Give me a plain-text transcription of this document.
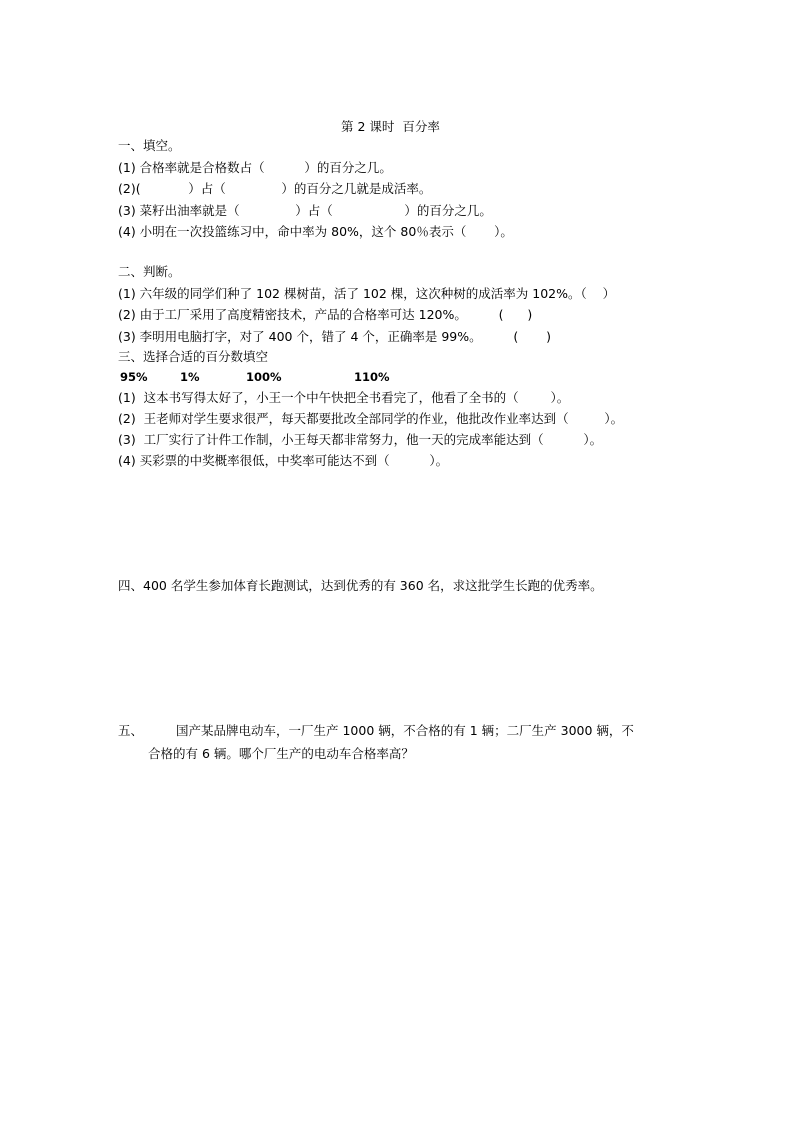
第 2 课时  百分率
一、填空。
(1) 合格率就是合格数占（          ）的百分之几。
(2)(            ）占（              ）的百分之几就是成活率。
(3) 菜籽出油率就是（              ）占（                  ）的百分之几。
(4) 小明在一次投篮练习中，命中率为 80%，这个 80％表示（       ）。
二、判断。
(1) 六年级的同学们种了 102 棵树苗，活了 102 棵，这次种树的成活率为 102%。（    ）
(2) 由于工厂采用了高度精密技术，产品的合格率可达 120%。        (      )
(3) 李明用电脑打字，对了 400 个，错了 4 个，正确率是 99%。        (       )
三、选择合适的百分数填空
95%	1%	100%	110%
(1)  这本书写得太好了，小王一个中午快把全书看完了，他看了全书的（        ）。
(2)  王老师对学生要求很严，每天都要批改全部同学的作业，他批改作业率达到（         ）。
(3)  工厂实行了计件工作制，小王每天都非常努力，他一天的完成率能达到（          ）。
(4) 买彩票的中奖概率很低，中奖率可能达不到（          ）。
四、400 名学生参加体育长跑测试，达到优秀的有 360 名，求这批学生长跑的优秀率。
五、	国产某品牌电动车，一厂生产 1000 辆，不合格的有 1 辆；二厂生产 3000 辆，不
合格的有 6 辆。哪个厂生产的电动车合格率高？
